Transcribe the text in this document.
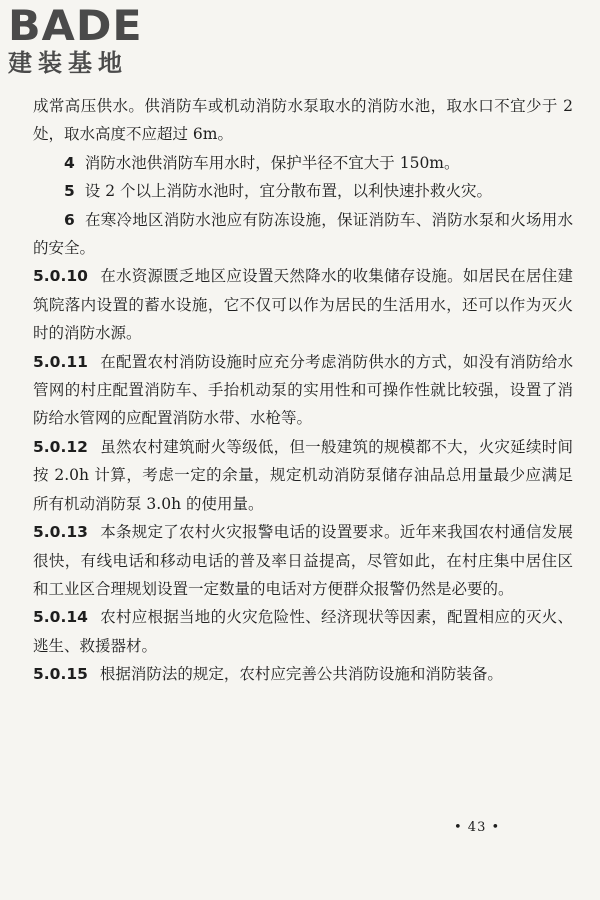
BADE
建装基地

成常高压供水。供消防车或机动消防水泵取水的消防水池，取水口不宜少于 2 处，取水高度不应超过 6m。

4 消防水池供消防车用水时，保护半径不宜大于 150m。

5 设 2 个以上消防水池时，宜分散布置，以利快速扑救火灾。

6 在寒冷地区消防水池应有防冻设施，保证消防车、消防水泵和火场用水的安全。

5.0.10 在水资源匮乏地区应设置天然降水的收集储存设施。如居民在居住建筑院落内设置的蓄水设施，它不仅可以作为居民的生活用水，还可以作为灭火时的消防水源。

5.0.11 在配置农村消防设施时应充分考虑消防供水的方式，如没有消防给水管网的村庄配置消防车、手抬机动泵的实用性和可操作性就比较强，设置了消防给水管网的应配置消防水带、水枪等。

5.0.12 虽然农村建筑耐火等级低，但一般建筑的规模都不大，火灾延续时间按 2.0h 计算，考虑一定的余量，规定机动消防泵储存油品总用量最少应满足所有机动消防泵 3.0h 的使用量。

5.0.13 本条规定了农村火灾报警电话的设置要求。近年来我国农村通信发展很快，有线电话和移动电话的普及率日益提高，尽管如此，在村庄集中居住区和工业区合理规划设置一定数量的电话对方便群众报警仍然是必要的。

5.0.14 农村应根据当地的火灾危险性、经济现状等因素，配置相应的灭火、逃生、救援器材。

5.0.15 根据消防法的规定，农村应完善公共消防设施和消防装备。

• 43 •
